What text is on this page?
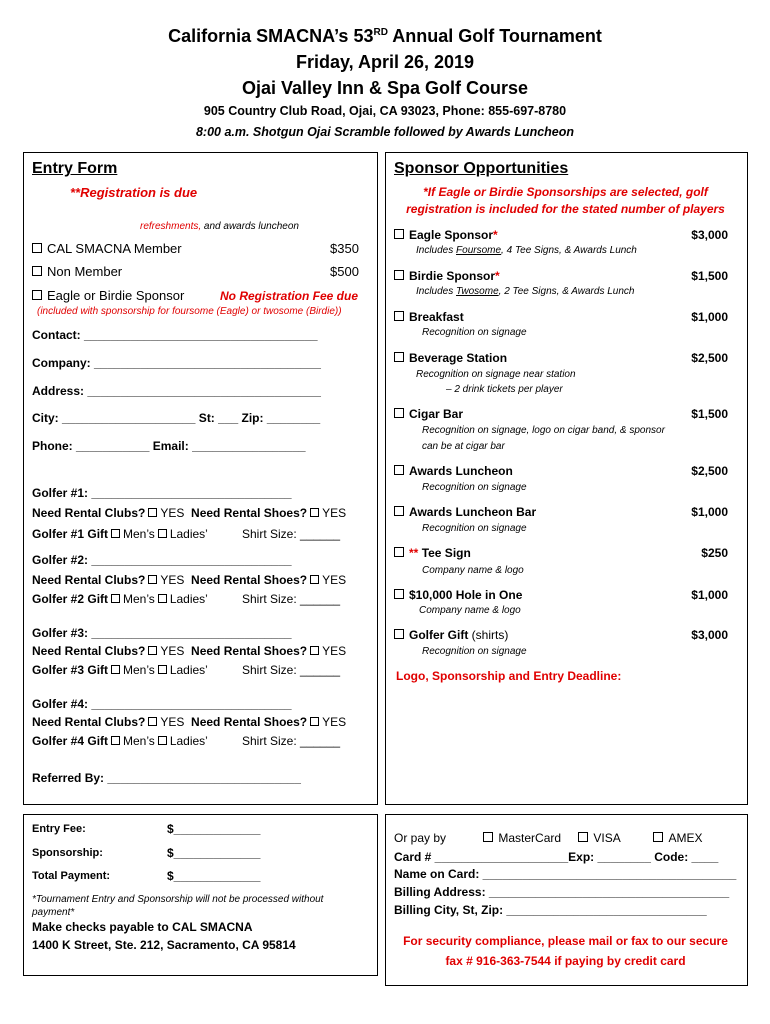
California SMACNA’s 53RD Annual Golf Tournament
Friday, April 26, 2019
Ojai Valley Inn & Spa Golf Course
905 Country Club Road, Ojai, CA 93023, Phone: 855-697-8780
8:00 a.m. Shotgun Ojai Scramble followed by Awards Luncheon
Entry Form
**Registration is due
refreshments, and awards luncheon
CAL SMACNA Member	$350
Non Member	$500
Eagle or Birdie Sponsor	No Registration Fee due
(included with sponsorship for foursome (Eagle) or twosome (Birdie))
Contact: ___________________________________
Company: __________________________________
Address: ___________________________________
City: ____________________ St: ___ Zip: ________
Phone: ___________ Email: _________________
Golfer #1: ______________________________
Need Rental Clubs? YES Need Rental Shoes? YES
Golfer #1 Gift Men’s Ladies’	Shirt Size: ______
Golfer #2: ______________________________
Need Rental Clubs? YES Need Rental Shoes? YES
Golfer #2 Gift Men’s Ladies’	Shirt Size: ______
Golfer #3: ______________________________
Need Rental Clubs? YES Need Rental Shoes? YES
Golfer #3 Gift Men’s Ladies’	Shirt Size: ______
Golfer #4: ______________________________
Need Rental Clubs? YES Need Rental Shoes? YES
Golfer #4 Gift Men’s Ladies’	Shirt Size: ______
Referred By: _____________________________
Sponsor Opportunities
*If Eagle or Birdie Sponsorships are selected, golf
registration is included for the stated number of players
Eagle Sponsor*	$3,000
Includes Foursome, 4 Tee Signs, & Awards Lunch
Birdie Sponsor*	$1,500
Includes Twosome, 2 Tee Signs, & Awards Lunch
Breakfast	$1,000
Recognition on signage
Beverage Station	$2,500
Recognition on signage near station
– 2 drink tickets per player
Cigar Bar	$1,500
Recognition on signage, logo on cigar band, & sponsor
can be at cigar bar
Awards Luncheon	$2,500
Recognition on signage
Awards Luncheon Bar	$1,000
Recognition on signage
** Tee Sign	$250
Company name & logo
$10,000 Hole in One	$1,000
Company name & logo
Golfer Gift (shirts)	$3,000
Recognition on signage
Logo, Sponsorship and Entry Deadline:
Entry Fee:	$_____________
Sponsorship:	$_____________
Total Payment:	$_____________
*Tournament Entry and Sponsorship will not be processed without payment*
Make checks payable to CAL SMACNA
1400 K Street, Ste. 212, Sacramento, CA 95814
Or pay by	MasterCard	VISA	AMEX
Card # ____________________Exp: ________ Code: ____
Name on Card: ______________________________________
Billing Address: ____________________________________
Billing City, St, Zip: ______________________________
For security compliance, please mail or fax to our secure
fax # 916-363-7544 if paying by credit card
